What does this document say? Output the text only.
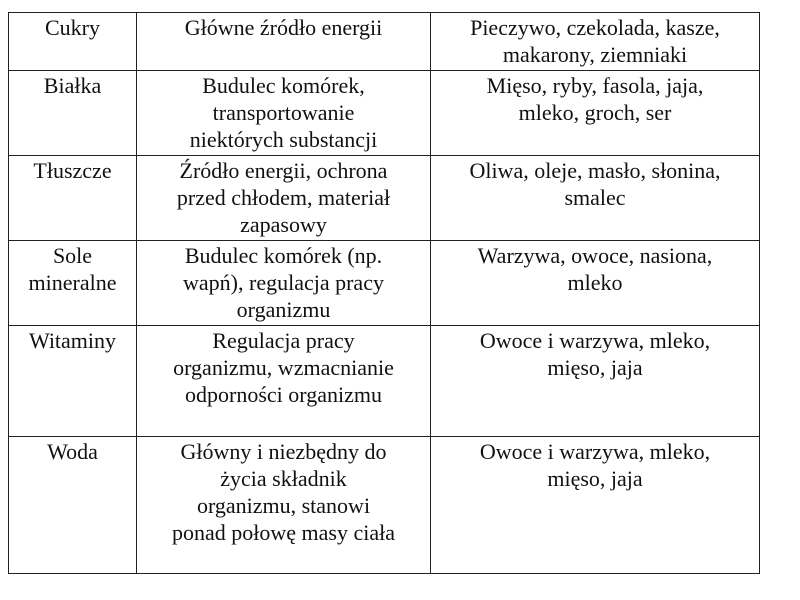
Cukry	Główne źródło energii	Pieczywo, czekolada, kasze,
makarony, ziemniaki

Białka	Budulec komórek,
transportowanie
niektórych substancji	Mięso, ryby, fasola, jaja,
mleko, groch, ser

Tłuszcze	Źródło energii, ochrona
przed chłodem, materiał
zapasowy	Oliwa, oleje, masło, słonina,
smalec

Sole
mineralne	Budulec komórek (np.
wapń), regulacja pracy
organizmu	Warzywa, owoce, nasiona,
mleko

Witaminy	Regulacja pracy
organizmu, wzmacnianie
odporności organizmu	Owoce i warzywa, mleko,
mięso, jaja

Woda	Główny i niezbędny do
życia składnik
organizmu, stanowi
ponad połowę masy ciała	Owoce i warzywa, mleko,
mięso, jaja
